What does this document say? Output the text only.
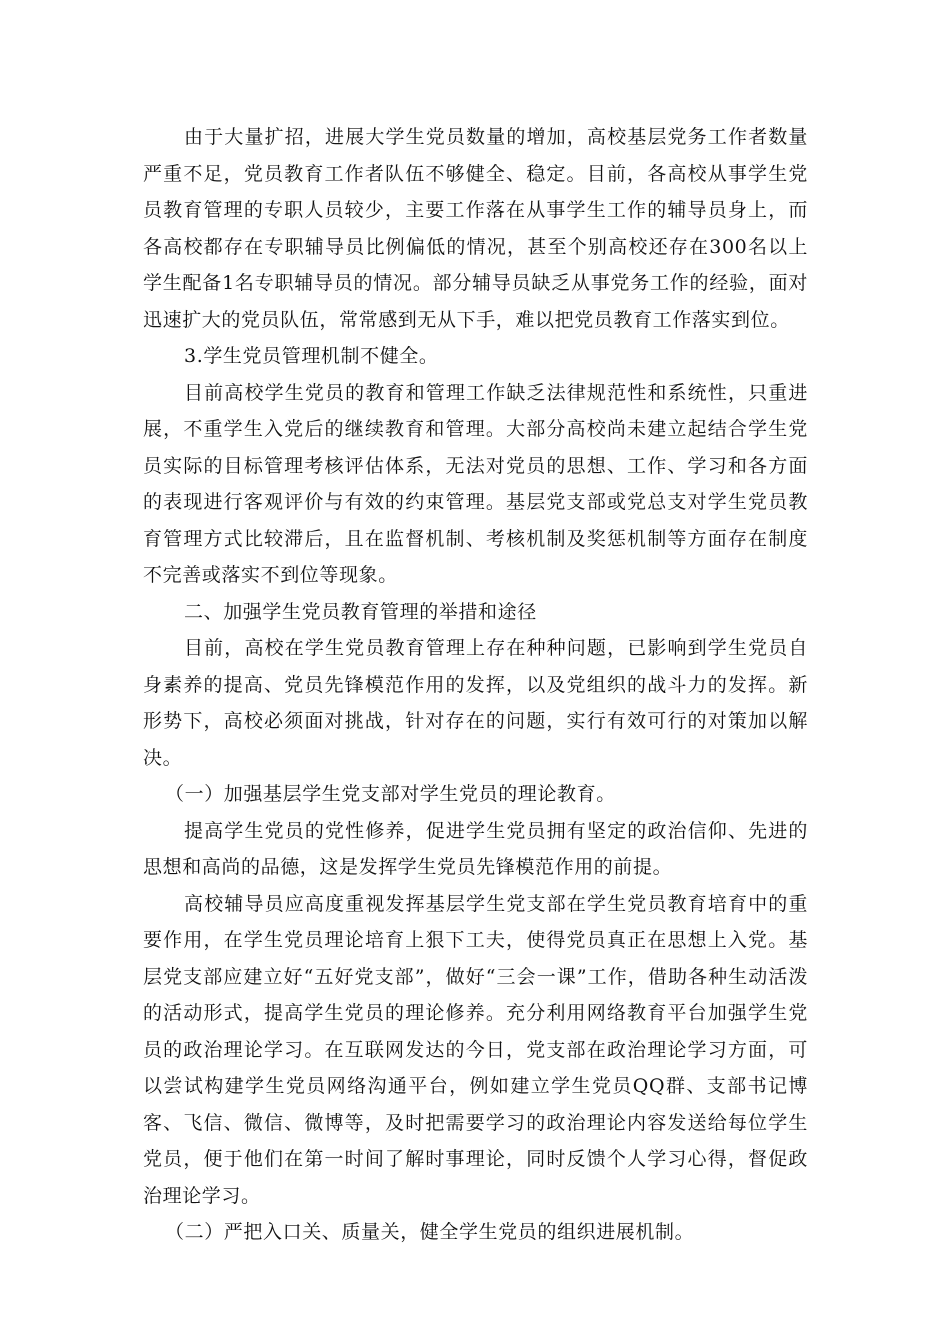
由于大量扩招，进展大学生党员数量的增加，高校基层党务工作者数量严重不足，党员教育工作者队伍不够健全、稳定。目前，各高校从事学生党员教育管理的专职人员较少，主要工作落在从事学生工作的辅导员身上，而各高校都存在专职辅导员比例偏低的情况，甚至个别高校还存在300名以上学生配备1名专职辅导员的情况。部分辅导员缺乏从事党务工作的经验，面对迅速扩大的党员队伍，常常感到无从下手，难以把党员教育工作落实到位。

3.学生党员管理机制不健全。

目前高校学生党员的教育和管理工作缺乏法律规范性和系统性，只重进展，不重学生入党后的继续教育和管理。大部分高校尚未建立起结合学生党员实际的目标管理考核评估体系，无法对党员的思想、工作、学习和各方面的表现进行客观评价与有效的约束管理。基层党支部或党总支对学生党员教育管理方式比较滞后，且在监督机制、考核机制及奖惩机制等方面存在制度不完善或落实不到位等现象。

二、加强学生党员教育管理的举措和途径

目前，高校在学生党员教育管理上存在种种问题，已影响到学生党员自身素养的提高、党员先锋模范作用的发挥，以及党组织的战斗力的发挥。新形势下，高校必须面对挑战，针对存在的问题，实行有效可行的对策加以解决。

（一）加强基层学生党支部对学生党员的理论教育。

提高学生党员的党性修养，促进学生党员拥有坚定的政治信仰、先进的思想和高尚的品德，这是发挥学生党员先锋模范作用的前提。

高校辅导员应高度重视发挥基层学生党支部在学生党员教育培育中的重要作用，在学生党员理论培育上狠下工夫，使得党员真正在思想上入党。基层党支部应建立好“五好党支部”，做好“三会一课”工作，借助各种生动活泼的活动形式，提高学生党员的理论修养。充分利用网络教育平台加强学生党员的政治理论学习。在互联网发达的今日，党支部在政治理论学习方面，可以尝试构建学生党员网络沟通平台，例如建立学生党员QQ群、支部书记博客、飞信、微信、微博等，及时把需要学习的政治理论内容发送给每位学生党员，便于他们在第一时间了解时事理论，同时反馈个人学习心得，督促政治理论学习。

（二）严把入口关、质量关，健全学生党员的组织进展机制。
